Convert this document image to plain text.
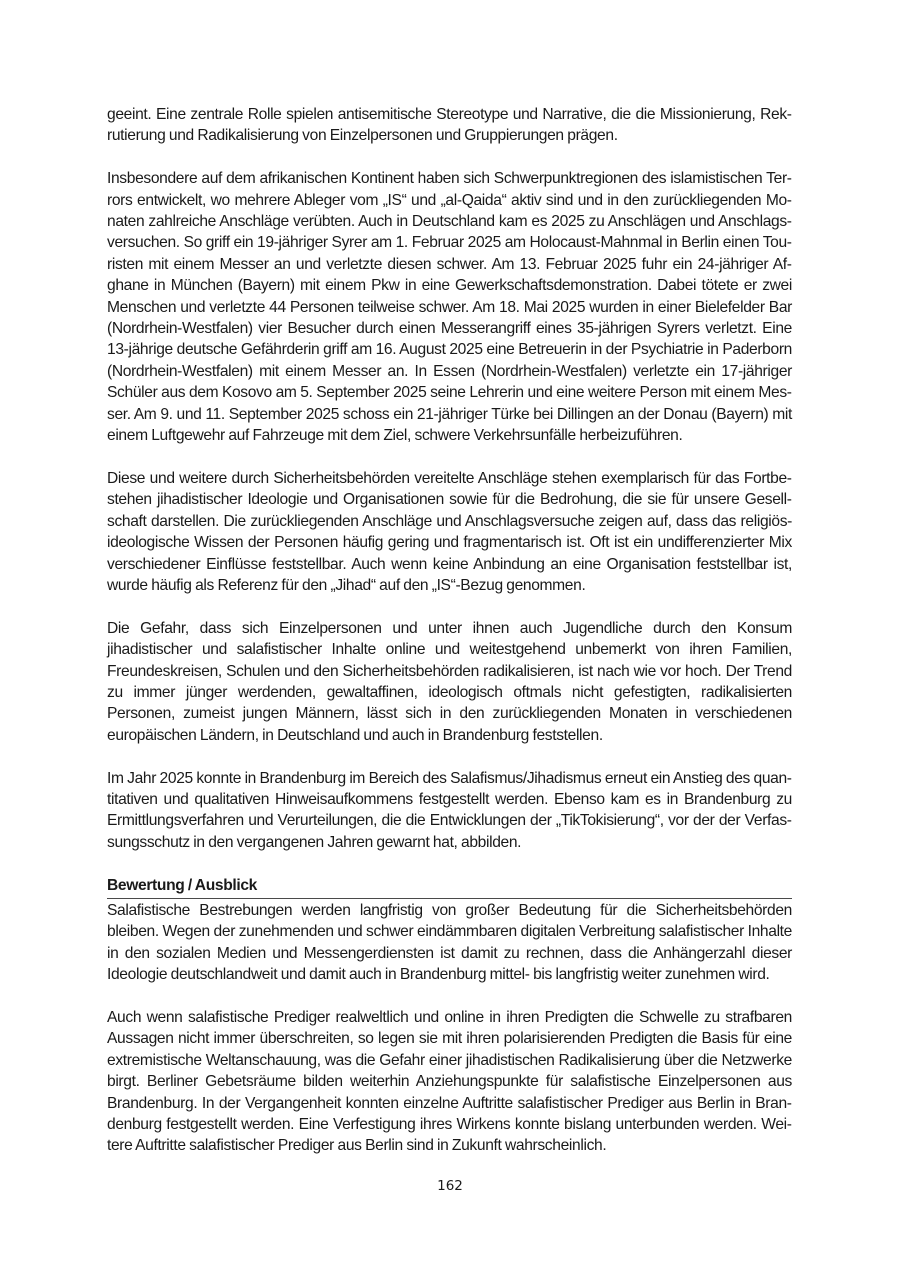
geeint. Eine zentrale Rolle spielen antisemitische Stereotype und Narrative, die die Missionierung, Rekrutierung und Radikalisierung von Einzelpersonen und Gruppierungen prägen.

Insbesondere auf dem afrikanischen Kontinent haben sich Schwerpunktregionen des islamistischen Terrors entwickelt, wo mehrere Ableger vom „IS“ und „al-Qaida“ aktiv sind und in den zurückliegenden Monaten zahlreiche Anschläge verübten. Auch in Deutschland kam es 2025 zu Anschlägen und Anschlagsversuchen. So griff ein 19-jähriger Syrer am 1. Februar 2025 am Holocaust-Mahnmal in Berlin einen Touristen mit einem Messer an und verletzte diesen schwer. Am 13. Februar 2025 fuhr ein 24-jähriger Afghane in München (Bayern) mit einem Pkw in eine Gewerkschaftsdemonstration. Dabei tötete er zwei Menschen und verletzte 44 Personen teilweise schwer. Am 18. Mai 2025 wurden in einer Bielefelder Bar (Nordrhein-Westfalen) vier Besucher durch einen Messerangriff eines 35-jährigen Syrers verletzt. Eine 13-jährige deutsche Gefährderin griff am 16. August 2025 eine Betreuerin in der Psychiatrie in Paderborn (Nordrhein-Westfalen) mit einem Messer an. In Essen (Nordrhein-Westfalen) verletzte ein 17-jähriger Schüler aus dem Kosovo am 5. September 2025 seine Lehrerin und eine weitere Person mit einem Messer. Am 9. und 11. September 2025 schoss ein 21-jähriger Türke bei Dillingen an der Donau (Bayern) mit einem Luftgewehr auf Fahrzeuge mit dem Ziel, schwere Verkehrsunfälle herbeizuführen.

Diese und weitere durch Sicherheitsbehörden vereitelte Anschläge stehen exemplarisch für das Fortbestehen jihadistischer Ideologie und Organisationen sowie für die Bedrohung, die sie für unsere Gesellschaft darstellen. Die zurückliegenden Anschläge und Anschlagsversuche zeigen auf, dass das religiös-ideologische Wissen der Personen häufig gering und fragmentarisch ist. Oft ist ein undifferenzierter Mix verschiedener Einflüsse feststellbar. Auch wenn keine Anbindung an eine Organisation feststellbar ist, wurde häufig als Referenz für den „Jihad“ auf den „IS“-Bezug genommen.

Die Gefahr, dass sich Einzelpersonen und unter ihnen auch Jugendliche durch den Konsum jihadistischer und salafistischer Inhalte online und weitestgehend unbemerkt von ihren Familien, Freundeskreisen, Schulen und den Sicherheitsbehörden radikalisieren, ist nach wie vor hoch. Der Trend zu immer jünger werdenden, gewaltaffinen, ideologisch oftmals nicht gefestigten, radikalisierten Personen, zumeist jungen Männern, lässt sich in den zurückliegenden Monaten in verschiedenen europäischen Ländern, in Deutschland und auch in Brandenburg feststellen.

Im Jahr 2025 konnte in Brandenburg im Bereich des Salafismus/Jihadismus erneut ein Anstieg des quantitativen und qualitativen Hinweisaufkommens festgestellt werden. Ebenso kam es in Brandenburg zu Ermittlungsverfahren und Verurteilungen, die die Entwicklungen der „TikTokisierung“, vor der der Verfassungsschutz in den vergangenen Jahren gewarnt hat, abbilden.

Bewertung / Ausblick

Salafistische Bestrebungen werden langfristig von großer Bedeutung für die Sicherheitsbehörden bleiben. Wegen der zunehmenden und schwer eindämmbaren digitalen Verbreitung salafistischer Inhalte in den sozialen Medien und Messengerdiensten ist damit zu rechnen, dass die Anhängerzahl dieser Ideologie deutschlandweit und damit auch in Brandenburg mittel- bis langfristig weiter zunehmen wird.

Auch wenn salafistische Prediger realweltlich und online in ihren Predigten die Schwelle zu strafbaren Aussagen nicht immer überschreiten, so legen sie mit ihren polarisierenden Predigten die Basis für eine extremistische Weltanschauung, was die Gefahr einer jihadistischen Radikalisierung über die Netzwerke birgt. Berliner Gebetsräume bilden weiterhin Anziehungspunkte für salafistische Einzelpersonen aus Brandenburg. In der Vergangenheit konnten einzelne Auftritte salafistischer Prediger aus Berlin in Brandenburg festgestellt werden. Eine Verfestigung ihres Wirkens konnte bislang unterbunden werden. Weitere Auftritte salafistischer Prediger aus Berlin sind in Zukunft wahrscheinlich.

162
